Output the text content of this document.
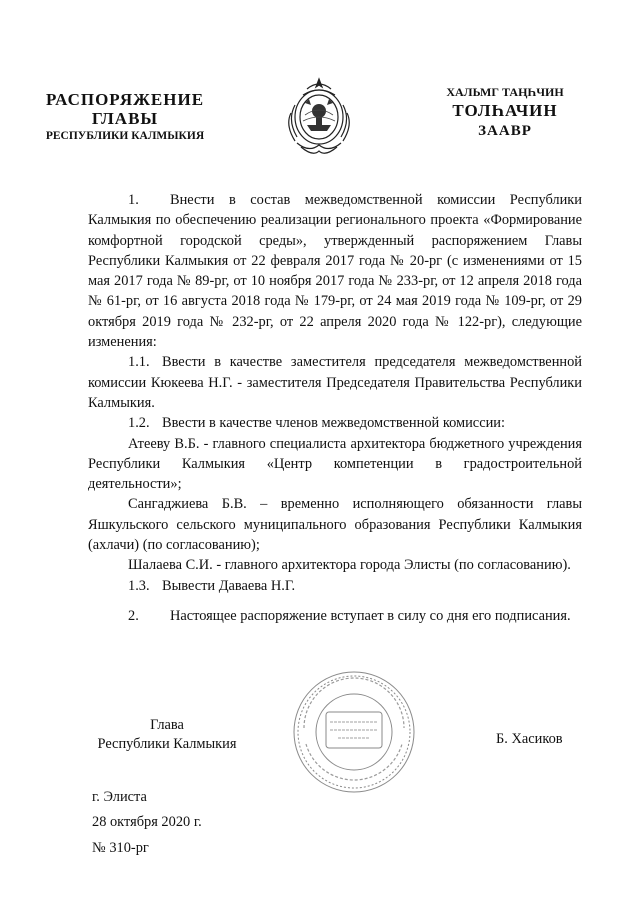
РАСПОРЯЖЕНИЕ
ГЛАВЫ
РЕСПУБЛИКИ КАЛМЫКИЯ
ХАЛЬМГ ТАҢҺЧИН
ТОЛҺАЧИН
ЗААВР

1. Внести в состав межведомственной комиссии Республики Калмыкия по обеспечению реализации регионального проекта «Формирование комфортной городской среды», утвержденный распоряжением Главы Республики Калмыкия от 22 февраля 2017 года № 20-рг (с изменениями от 15 мая 2017 года № 89-рг, от 10 ноября 2017 года № 233-рг, от 12 апреля 2018 года № 61-рг, от 16 августа 2018 года № 179-рг, от 24 мая 2019 года № 109-рг, от 29 октября 2019 года № 232-рг, от 22 апреля 2020 года № 122-рг), следующие изменения:

1.1. Ввести в качестве заместителя председателя межведомственной комиссии Кюкеева Н.Г. - заместителя Председателя Правительства Республики Калмыкия.

1.2. Ввести в качестве членов межведомственной комиссии:

Атееву В.Б. - главного специалиста архитектора бюджетного учреждения Республики Калмыкия «Центр компетенции в градостроительной деятельности»;

Сангаджиева Б.В. – временно исполняющего обязанности главы Яшкульского сельского муниципального образования Республики Калмыкия (ахлачи) (по согласованию);

Шалаева С.И. - главного архитектора города Элисты (по согласованию).

1.3. Вывести Даваева Н.Г.

2. Настоящее распоряжение вступает в силу со дня его подписания.

Глава
Республики Калмыкия	Б. Хасиков
г. Элиста
28 октября 2020 г.
№ 310-рг
